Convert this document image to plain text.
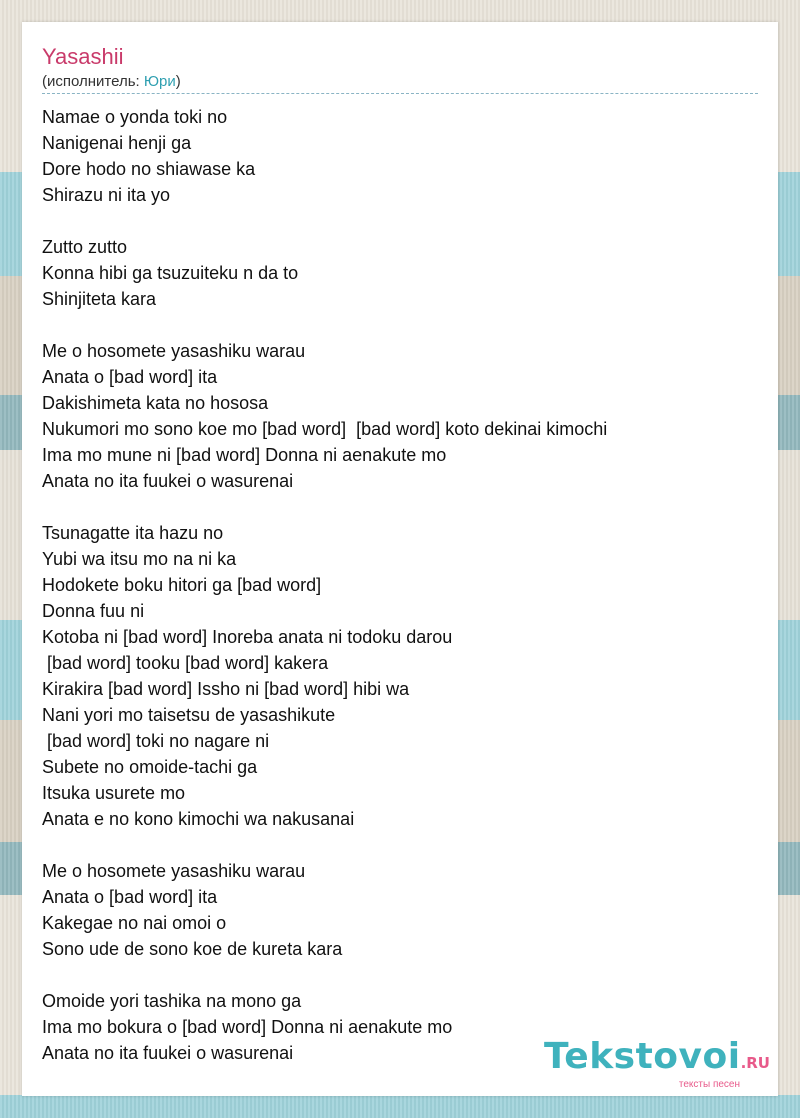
Yasashii
(исполнитель: Юри)
Namae o yonda toki no
Nanigenai henji ga
Dore hodo no shiawase ka
Shirazu ni ita yo
Zutto zutto
Konna hibi ga tsuzuiteku n da to
Shinjiteta kara
Me o hosomete yasashiku warau
Anata o [bad word] ita
Dakishimeta kata no hososa
Nukumori mo sono koe mo [bad word]  [bad word] koto dekinai kimochi
Ima mo mune ni [bad word] Donna ni aenakute mo
Anata no ita fuukei o wasurenai
Tsunagatte ita hazu no
Yubi wa itsu mo na ni ka
Hodokete boku hitori ga [bad word]
Donna fuu ni
Kotoba ni [bad word] Inoreba anata ni todoku darou
[bad word] tooku [bad word] kakera
Kirakira [bad word] Issho ni [bad word] hibi wa
Nani yori mo taisetsu de yasashikute
[bad word] toki no nagare ni
Subete no omoide-tachi ga
Itsuka usurete mo
Anata e no kono kimochi wa nakusanai
Me o hosomete yasashiku warau
Anata o [bad word] ita
Kakegae no nai omoi o
Sono ude de sono koe de kureta kara
Omoide yori tashika na mono ga
Ima mo bokura o [bad word] Donna ni aenakute mo
Anata no ita fuukei o wasurenai	Tekstovoi.RU
тексты песен
